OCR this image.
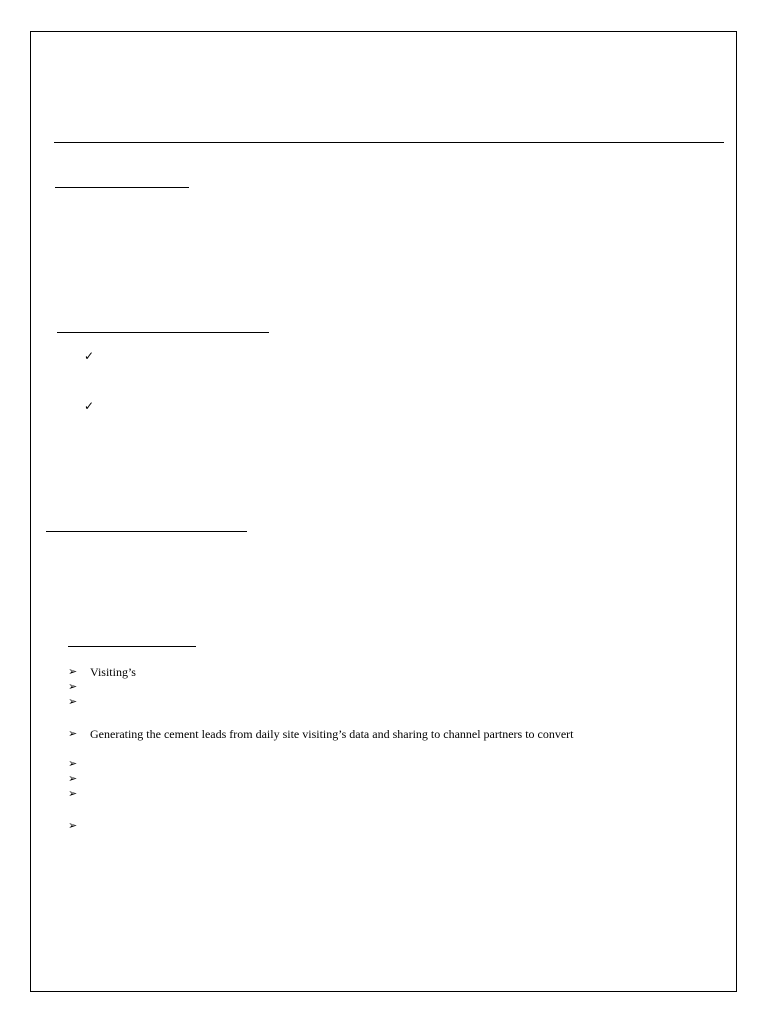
✓
✓
➢ Visiting’s
➢
➢
➢ Generating the cement leads from daily site visiting’s data and sharing to channel partners to convert
➢
➢
➢
➢
